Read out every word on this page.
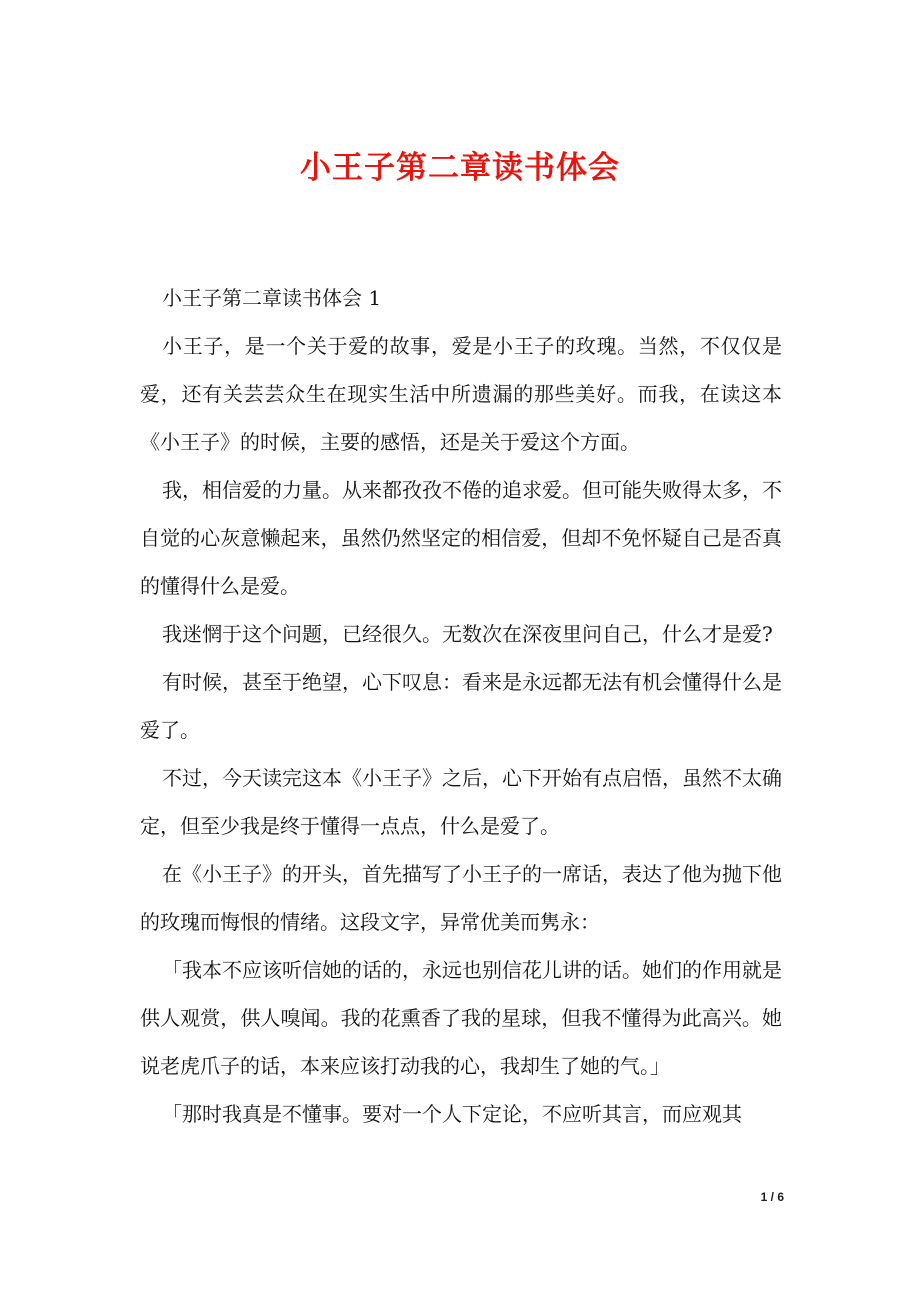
小王子第二章读书体会

小王子第二章读书体会 1

小王子，是一个关于爱的故事，爱是小王子的玫瑰。当然，不仅仅是爱，还有关芸芸众生在现实生活中所遗漏的那些美好。而我，在读这本《小王子》的时候，主要的感悟，还是关于爱这个方面。

我，相信爱的力量。从来都孜孜不倦的追求爱。但可能失败得太多，不自觉的心灰意懒起来，虽然仍然坚定的相信爱，但却不免怀疑自己是否真的懂得什么是爱。

我迷惘于这个问题，已经很久。无数次在深夜里问自己，什么才是爱?

有时候，甚至于绝望，心下叹息：看来是永远都无法有机会懂得什么是爱了。

不过，今天读完这本《小王子》之后，心下开始有点启悟，虽然不太确定，但至少我是终于懂得一点点，什么是爱了。

在《小王子》的开头，首先描写了小王子的一席话，表达了他为抛下他的玫瑰而悔恨的情绪。这段文字，异常优美而隽永：

「我本不应该听信她的话的，永远也别信花儿讲的话。她们的作用就是供人观赏，供人嗅闻。我的花熏香了我的星球，但我不懂得为此高兴。她说老虎爪子的话，本来应该打动我的心，我却生了她的气。」

「那时我真是不懂事。要对一个人下定论，不应听其言，而应观其

1 / 6
